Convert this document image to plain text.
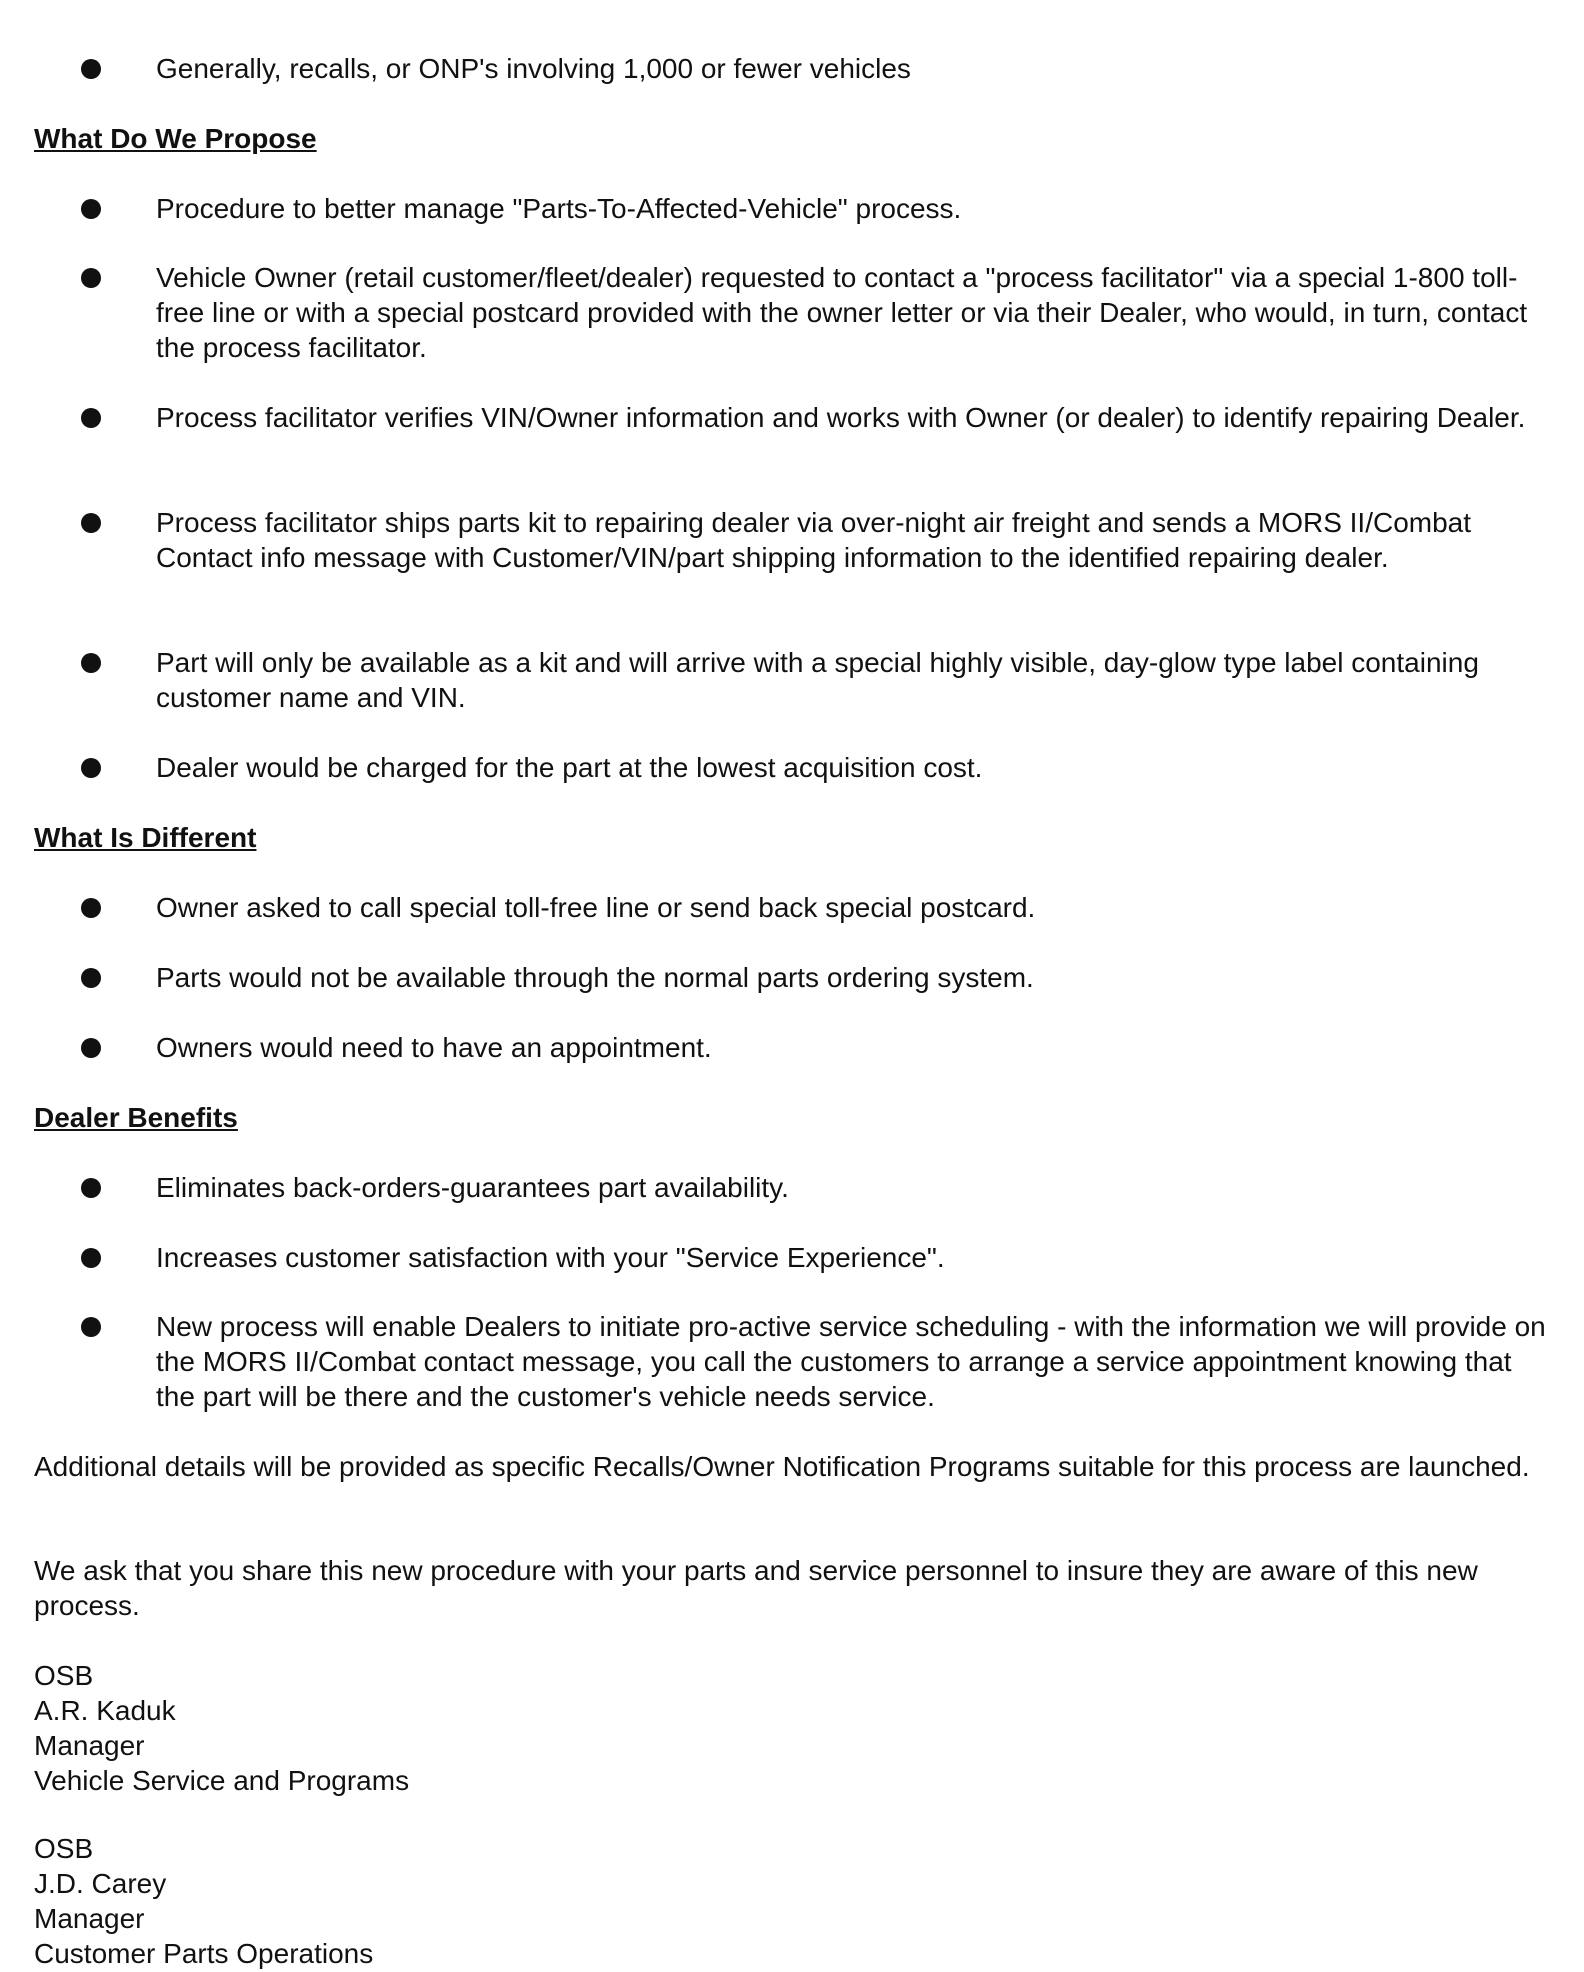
Generally, recalls, or ONP's involving 1,000 or fewer vehicles

What Do We Propose

Procedure to better manage "Parts-To-Affected-Vehicle" process.

Vehicle Owner (retail customer/fleet/dealer) requested to contact a "process facilitator" via a special 1-800 toll-free line or with a special postcard provided with the owner letter or via their Dealer, who would, in turn, contact the process facilitator.

Process facilitator verifies VIN/Owner information and works with Owner (or dealer) to identify repairing Dealer.

Process facilitator ships parts kit to repairing dealer via over-night air freight and sends a MORS II/Combat Contact info message with Customer/VIN/part shipping information to the identified repairing dealer.

Part will only be available as a kit and will arrive with a special highly visible, day-glow type label containing customer name and VIN.

Dealer would be charged for the part at the lowest acquisition cost.

What Is Different

Owner asked to call special toll-free line or send back special postcard.

Parts would not be available through the normal parts ordering system.

Owners would need to have an appointment.

Dealer Benefits

Eliminates back-orders-guarantees part availability.

Increases customer satisfaction with your "Service Experience".

New process will enable Dealers to initiate pro-active service scheduling - with the information we will provide on the MORS II/Combat contact message, you call the customers to arrange a service appointment knowing that the part will be there and the customer's vehicle needs service.

Additional details will be provided as specific Recalls/Owner Notification Programs suitable for this process are launched.

We ask that you share this new procedure with your parts and service personnel to insure they are aware of this new process.

OSB
A.R. Kaduk
Manager
Vehicle Service and Programs
OSB
J.D. Carey
Manager
Customer Parts Operations
